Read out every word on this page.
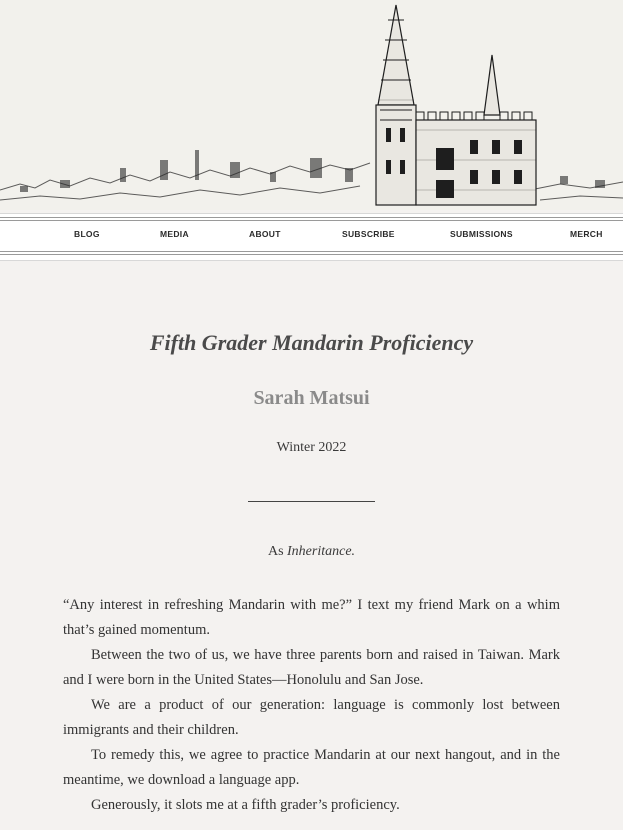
BLOG	MEDIA	ABOUT	SUBSCRIBE	SUBMISSIONS	MERCH
Fifth Grader Mandarin Proficiency
Sarah Matsui
Winter 2022
As Inheritance.

“Any interest in refreshing Mandarin with me?” I text my friend Mark on a whim that’s gained momentum.

Between the two of us, we have three parents born and raised in Taiwan. Mark and I were born in the United States—Honolulu and San Jose.

We are a product of our generation: language is commonly lost between immigrants and their children.

To remedy this, we agree to practice Mandarin at our next hangout, and in the meantime, we download a language app.

Generously, it slots me at a fifth grader’s proficiency.
